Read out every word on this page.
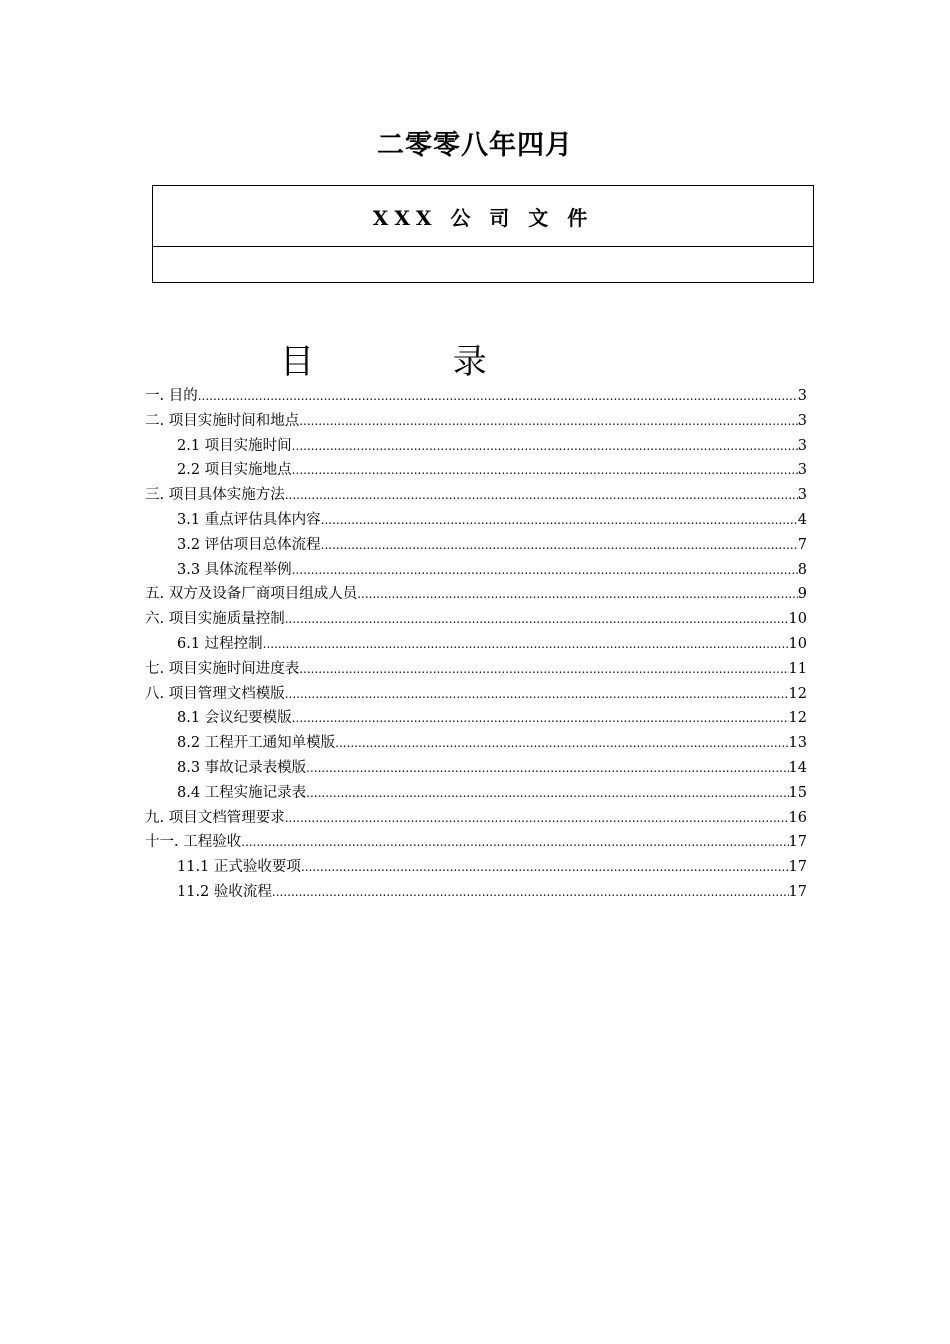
二零零八年四月
XXX 公 司 文 件
目 录
一. 目的 .....	3
二. 项目实施时间和地点 .....	3
2.1 项目实施时间 .....	3
2.2 项目实施地点 .....	3
三. 项目具体实施方法 .....	3
3.1 重点评估具体内容 .....	4
3.2 评估项目总体流程 .....	7
3.3 具体流程举例 .....	8
五. 双方及设备厂商项目组成人员 .....	9
六. 项目实施质量控制 .....	10
6.1 过程控制 .....	10
七. 项目实施时间进度表 .....	11
八. 项目管理文档模版 .....	12
8.1 会议纪要模版 .....	12
8.2 工程开工通知单模版 .....	13
8.3 事故记录表模版 .....	14
8.4 工程实施记录表 .....	15
九. 项目文档管理要求 .....	16
十一. 工程验收 .....	17
11.1 正式验收要项 .....	17
11.2 验收流程 .....	17
